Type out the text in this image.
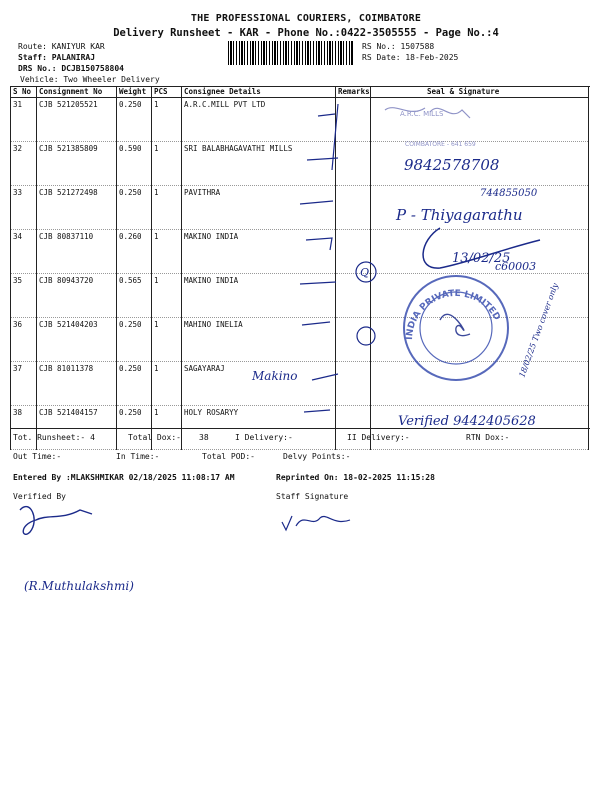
THE PROFESSIONAL COURIERS, COIMBATORE
Delivery Runsheet - KAR - Phone No.:0422-3505555 - Page No.:4
Route: KANIYUR KAR
Staff: PALANIRAJ
DRS No.: DCJB150758804
Vehicle: Two Wheeler Delivery
RS No.: 1507588
RS Date: 18-Feb-2025
S No	Consignment No	Weight	PCS	Consignee Details	Remarks	Seal & Signature
31	CJB 521205521	0.250	1	A.R.C.MILL PVT LTD		
32	CJB 521385809	0.590	1	SRI BALABHAGAVATHI MILLS		
33	CJB 521272498	0.250	1	PAVITHRA		
34	CJB 80837110	0.260	1	MAKINO INDIA		
35	CJB 80943720	0.565	1	MAKINO INDIA		
36	CJB 521404203	0.250	1	MAHINO INELIA		
37	CJB 81011378	0.250	1	SAGAYARAJ		
38	CJB 521404157	0.250	1	HOLY ROSARYY		
Tot. Runsheet:- 4	Total Dox:- 38	I Delivery:-	II Delivery:-	RTN Dox:-
Out Time:-	In Time:-	Total POD:-	Delvy Points:-
Entered By :MLAKSHMIKAR 02/18/2025 11:08:17 AM	Reprinted On: 18-02-2025 11:15:28
Verified By	Staff Signature
A.R.C. MILLS
COIMBATORE - 641 659
9842578708
744855050
P - Thiyagarathu
13/02/25
c60003
INDIA PRIVATE LIMITED
Q
18/02/25 Two cover only
Makino
Verified 9442405628
(R.Muthulakshmi)
